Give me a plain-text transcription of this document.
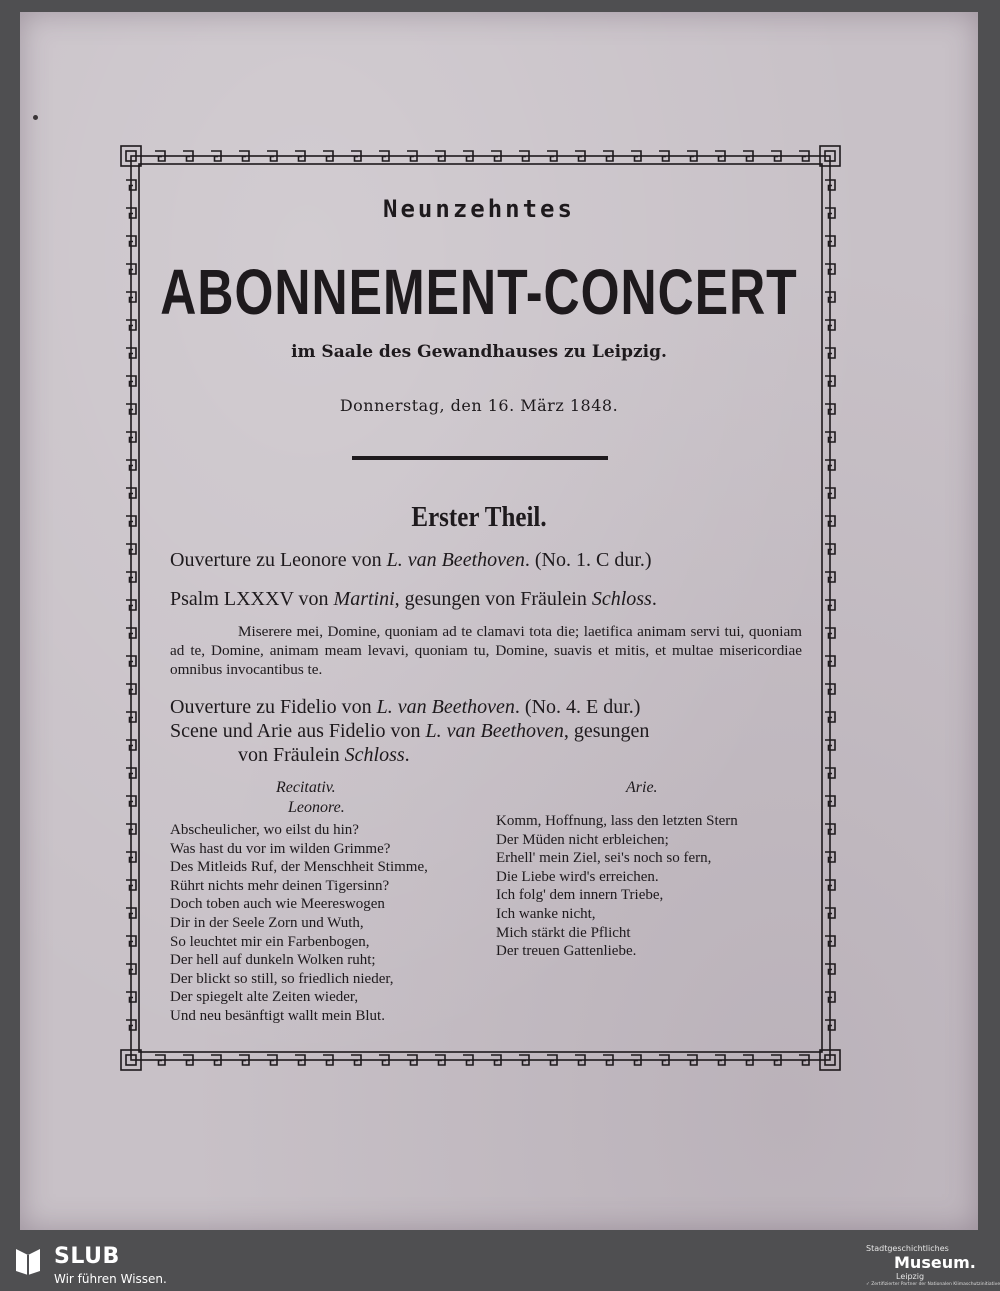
Neunzehntes
ABONNEMENT-CONCERT
im Saale des Gewandhauses zu Leipzig.
Donnerstag, den 16. März 1848.
Erster Theil.
Ouverture zu Leonore von L. van Beethoven. (No. 1. C dur.)
Psalm LXXXV von Martini, gesungen von Fräulein Schloss.
Miserere mei, Domine, quoniam ad te clamavi tota die; laetifica animam servi tui, quoniam ad te, Domine, animam meam levavi, quoniam tu, Domine, suavis et mitis, et multae misericordiae omnibus invocantibus te.
Ouverture zu Fidelio von L. van Beethoven. (No. 4. E dur.)
Scene und Arie aus Fidelio von L. van Beethoven, gesungen
von Fräulein Schloss.
Recitativ.
Leonore.
Arie.
Abscheulicher, wo eilst du hin?
Was hast du vor im wilden Grimme?
Des Mitleids Ruf, der Menschheit Stimme,
Rührt nichts mehr deinen Tigersinn?
Doch toben auch wie Meereswogen
Dir in der Seele Zorn und Wuth,
So leuchtet mir ein Farbenbogen,
Der hell auf dunkeln Wolken ruht;
Der blickt so still, so friedlich nieder,
Der spiegelt alte Zeiten wieder,
Und neu besänftigt wallt mein Blut.
Komm, Hoffnung, lass den letzten Stern
Der Müden nicht erbleichen;
Erhell' mein Ziel, sei's noch so fern,
Die Liebe wird's erreichen.
Ich folg' dem innern Triebe,
Ich wanke nicht,
Mich stärkt die Pflicht
Der treuen Gattenliebe.
SLUB
Wir führen Wissen.
Stadtgeschichtliches
Museum.
Leipzig
✓ Zertifizierter Partner der Nationalen Klimaschutzinitiative
